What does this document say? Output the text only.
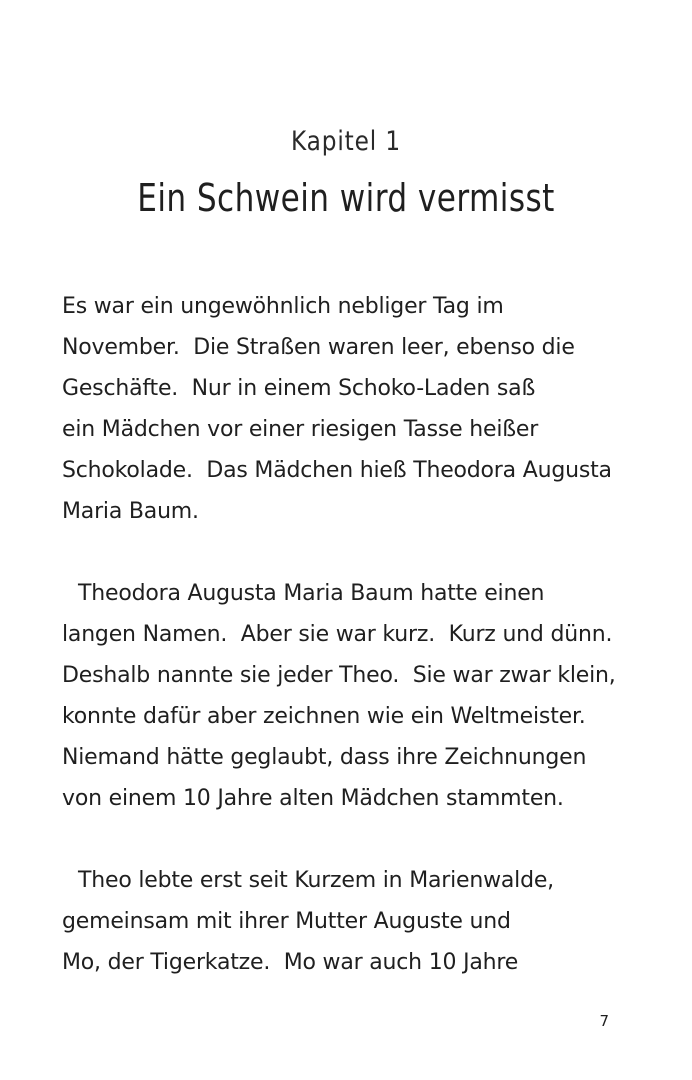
Kapitel 1
Ein Schwein wird vermisst

Es war ein ungewöhnlich nebliger Tag im
November.  Die Straßen waren leer, ebenso die
Geschäfte.  Nur in einem Schoko-Laden saß
ein Mädchen vor einer riesigen Tasse heißer
Schokolade.  Das Mädchen hieß Theodora Augusta
Maria Baum.

Theodora Augusta Maria Baum hatte einen
langen Namen.  Aber sie war kurz.  Kurz und dünn.
Deshalb nannte sie jeder Theo.  Sie war zwar klein,
konnte dafür aber zeichnen wie ein Weltmeister.
Niemand hätte geglaubt, dass ihre Zeichnungen
von einem 10 Jahre alten Mädchen stammten.

Theo lebte erst seit Kurzem in Marienwalde,
gemeinsam mit ihrer Mutter Auguste und
Mo, der Tigerkatze.  Mo war auch 10 Jahre

7
